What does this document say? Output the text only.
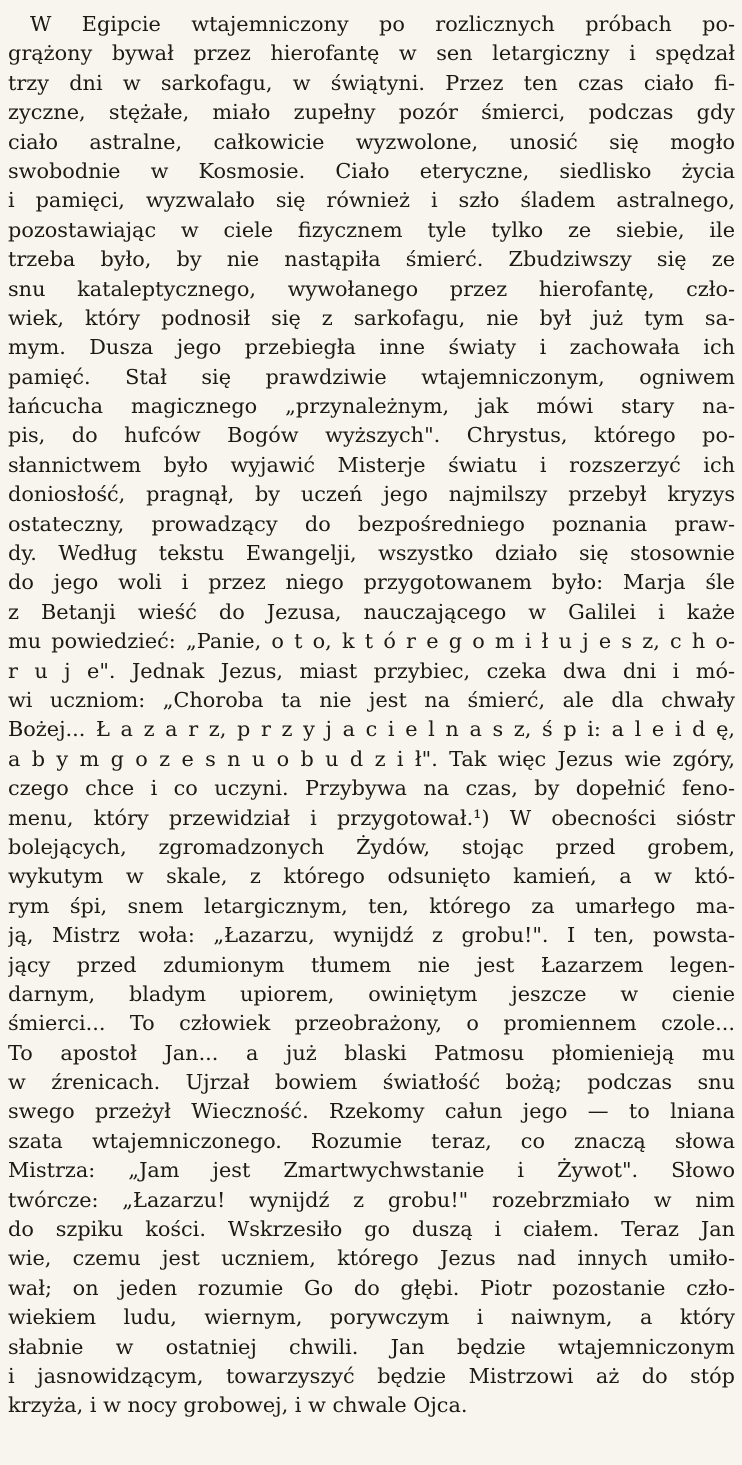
W Egipcie wtajemniczony po rozlicznych próbach po-
grążony bywał przez hierofantę w sen letargiczny i spędzał
trzy dni w sarkofagu, w świątyni. Przez ten czas ciało fi-
zyczne, stężałe, miało zupełny pozór śmierci, podczas gdy
ciało astralne, całkowicie wyzwolone, unosić się mogło
swobodnie w Kosmosie. Ciało eteryczne, siedlisko życia
i pamięci, wyzwalało się również i szło śladem astralnego,
pozostawiając w ciele fizycznem tyle tylko ze siebie, ile
trzeba było, by nie nastąpiła śmierć. Zbudziwszy się ze
snu kataleptycznego, wywołanego przez hierofantę, czło-
wiek, który podnosił się z sarkofagu, nie był już tym sa-
mym. Dusza jego przebiegła inne światy i zachowała ich
pamięć. Stał się prawdziwie wtajemniczonym, ogniwem
łańcucha magicznego „przynależnym, jak mówi stary na-
pis, do hufców Bogów wyższych". Chrystus, którego po-
słannictwem było wyjawić Misterje światu i rozszerzyć ich
doniosłość, pragnął, by uczeń jego najmilszy przebył kryzys
ostateczny, prowadzący do bezpośredniego poznania praw-
dy. Według tekstu Ewangelji, wszystko działo się stosownie
do jego woli i przez niego przygotowanem było: Marja śle
z Betanji wieść do Jezusa, nauczającego w Galilei i każe
mu powiedzieć: „Panie, o t o, k t ó r e g o m i ł u j e s z, c h o-
r u j e". Jednak Jezus, miast przybiec, czeka dwa dni i mó-
wi uczniom: „Choroba ta nie jest na śmierć, ale dla chwały
Bożej... Ł a z a r z, p r z y j a c i e l n a s z, ś p i: a l e i d ę,
a b y m g o z e s n u o b u d z i ł". Tak więc Jezus wie zgóry,
czego chce i co uczyni. Przybywa na czas, by dopełnić feno-
menu, który przewidział i przygotował.¹) W obecności sióstr
bolejących, zgromadzonych Żydów, stojąc przed grobem,
wykutym w skale, z którego odsunięto kamień, a w któ-
rym śpi, snem letargicznym, ten, którego za umarłego ma-
ją, Mistrz woła: „Łazarzu, wynijdź z grobu!". I ten, powsta-
jący przed zdumionym tłumem nie jest Łazarzem legen-
darnym, bladym upiorem, owiniętym jeszcze w cienie
śmierci... To człowiek przeobrażony, o promiennem czole...
To apostoł Jan... a już blaski Patmosu płomienieją mu
w źrenicach. Ujrzał bowiem światłość bożą; podczas snu
swego przeżył Wieczność. Rzekomy całun jego — to lniana
szata wtajemniczonego. Rozumie teraz, co znaczą słowa
Mistrza: „Jam jest Zmartwychwstanie i Żywot". Słowo
twórcze: „Łazarzu! wynijdź z grobu!" rozebrzmiało w nim
do szpiku kości. Wskrzesiło go duszą i ciałem. Teraz Jan
wie, czemu jest uczniem, którego Jezus nad innych umiło-
wał; on jeden rozumie Go do głębi. Piotr pozostanie czło-
wiekiem ludu, wiernym, porywczym i naiwnym, a który
słabnie w ostatniej chwili. Jan będzie wtajemniczonym
i jasnowidzącym, towarzyszyć będzie Mistrzowi aż do stóp
krzyża, i w nocy grobowej, i w chwale Ojca.
